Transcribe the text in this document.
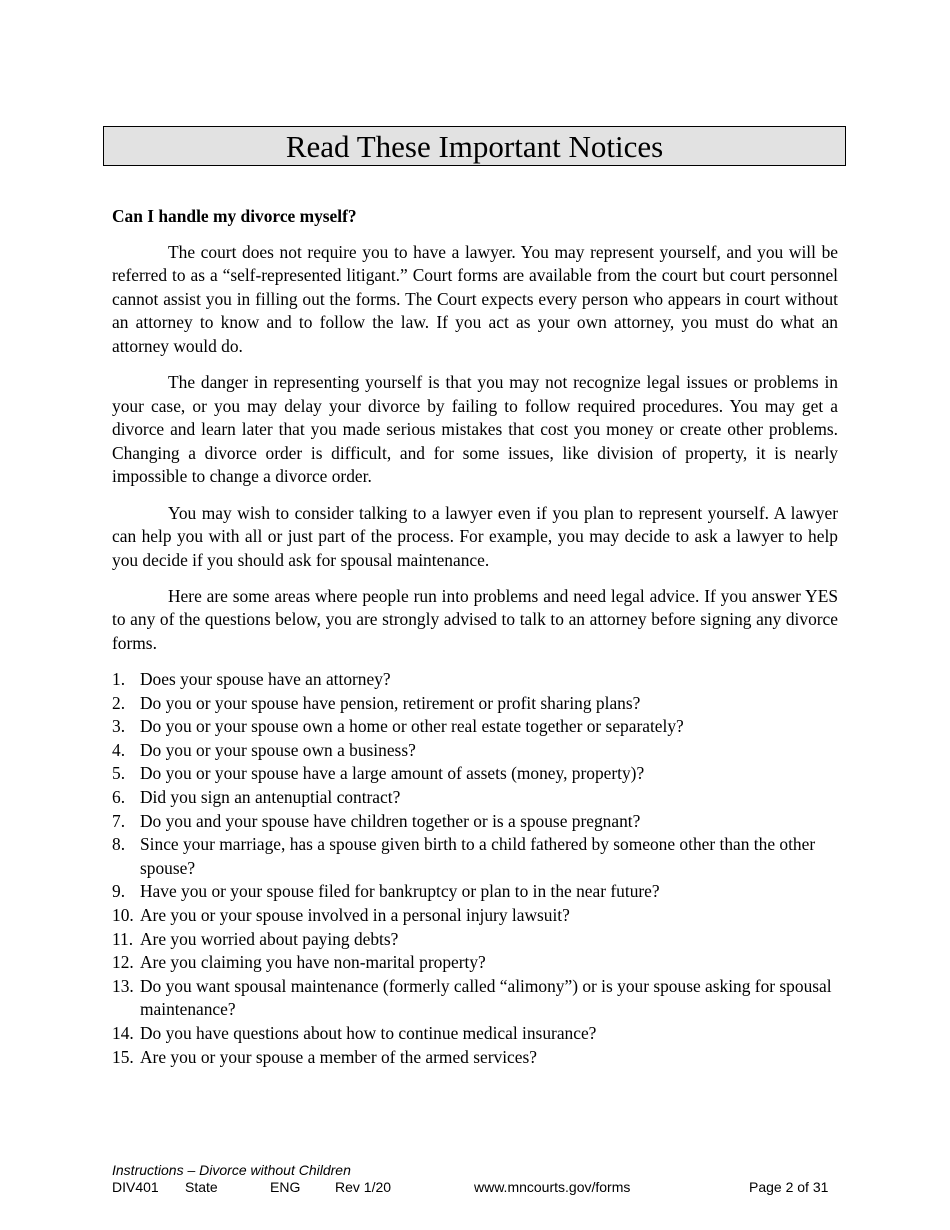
Read These Important Notices
Can I handle my divorce myself?

The court does not require you to have a lawyer. You may represent yourself, and you will be referred to as a “self-represented litigant.” Court forms are available from the court but court personnel cannot assist you in filling out the forms. The Court expects every person who appears in court without an attorney to know and to follow the law. If you act as your own attorney, you must do what an attorney would do.

The danger in representing yourself is that you may not recognize legal issues or problems in your case, or you may delay your divorce by failing to follow required procedures. You may get a divorce and learn later that you made serious mistakes that cost you money or create other problems. Changing a divorce order is difficult, and for some issues, like division of property, it is nearly impossible to change a divorce order.

You may wish to consider talking to a lawyer even if you plan to represent yourself. A lawyer can help you with all or just part of the process. For example, you may decide to ask a lawyer to help you decide if you should ask for spousal maintenance.

Here are some areas where people run into problems and need legal advice. If you answer YES to any of the questions below, you are strongly advised to talk to an attorney before signing any divorce forms.

1. Does your spouse have an attorney?
2. Do you or your spouse have pension, retirement or profit sharing plans?
3. Do you or your spouse own a home or other real estate together or separately?
4. Do you or your spouse own a business?
5. Do you or your spouse have a large amount of assets (money, property)?
6. Did you sign an antenuptial contract?
7. Do you and your spouse have children together or is a spouse pregnant?
8. Since your marriage, has a spouse given birth to a child fathered by someone other than the other spouse?
9. Have you or your spouse filed for bankruptcy or plan to in the near future?
10. Are you or your spouse involved in a personal injury lawsuit?
11. Are you worried about paying debts?
12. Are you claiming you have non-marital property?
13. Do you want spousal maintenance (formerly called “alimony”) or is your spouse asking for spousal maintenance?
14. Do you have questions about how to continue medical insurance?
15. Are you or your spouse a member of the armed services?
Instructions – Divorce without Children
DIV401 State	ENG Rev 1/20	www.mncourts.gov/forms	Page 2 of 31
